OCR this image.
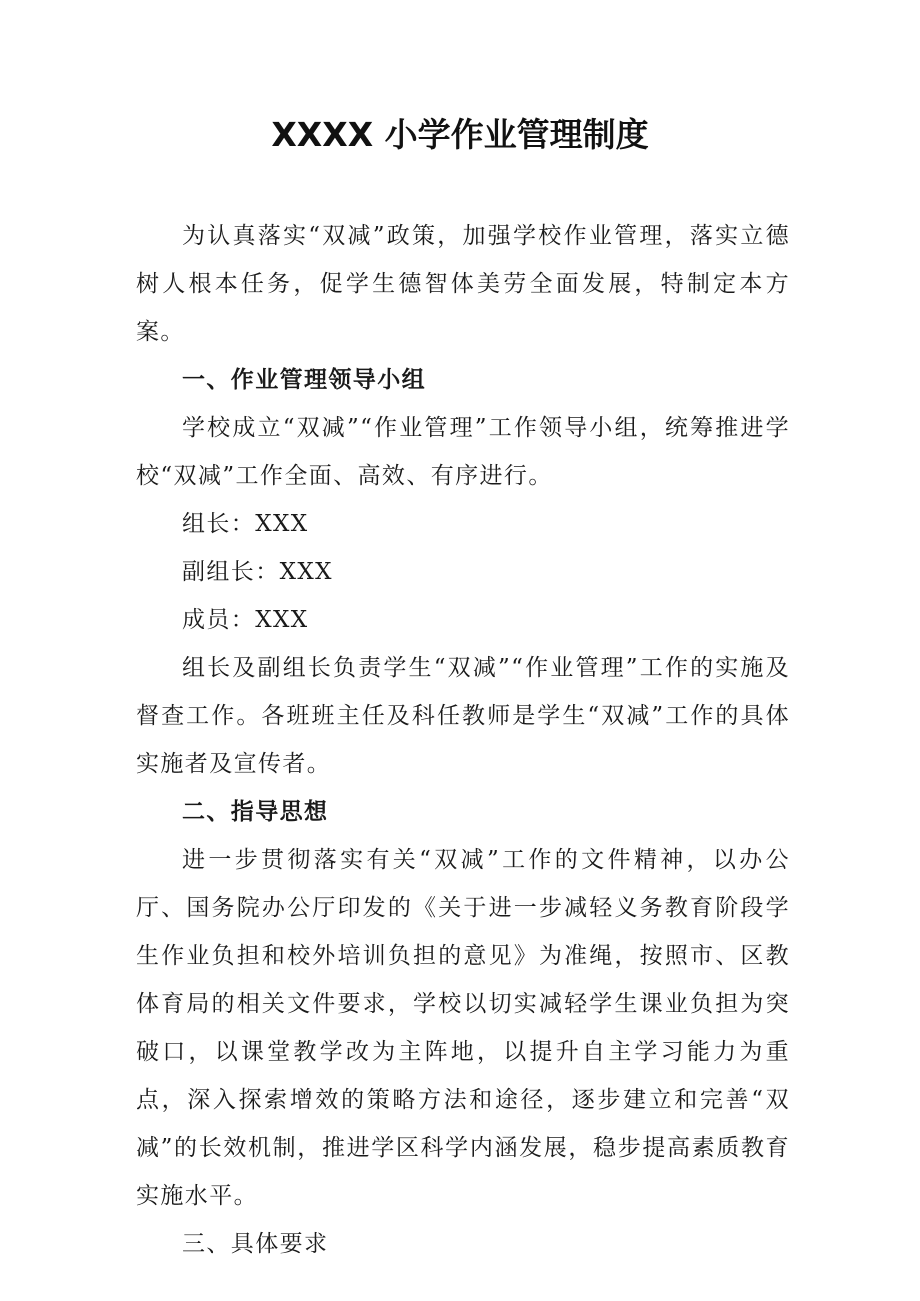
XXXX 小学作业管理制度

为认真落实“双减”政策，加强学校作业管理，落实立德树人根本任务，促学生德智体美劳全面发展，特制定本方案。

一、作业管理领导小组

学校成立“双减”“作业管理”工作领导小组，统筹推进学校“双减”工作全面、高效、有序进行。

组长：XXX

副组长：XXX

成员：XXX

组长及副组长负责学生“双减”“作业管理”工作的实施及督查工作。各班班主任及科任教师是学生“双减”工作的具体实施者及宣传者。

二、指导思想

进一步贯彻落实有关“双减”工作的文件精神，以办公厅、国务院办公厅印发的《关于进一步减轻义务教育阶段学生作业负担和校外培训负担的意见》为准绳，按照市、区教体育局的相关文件要求，学校以切实减轻学生课业负担为突破口，以课堂教学改为主阵地，以提升自主学习能力为重点，深入探索增效的策略方法和途径，逐步建立和完善“双减”的长效机制，推进学区科学内涵发展，稳步提高素质教育实施水平。

三、具体要求
